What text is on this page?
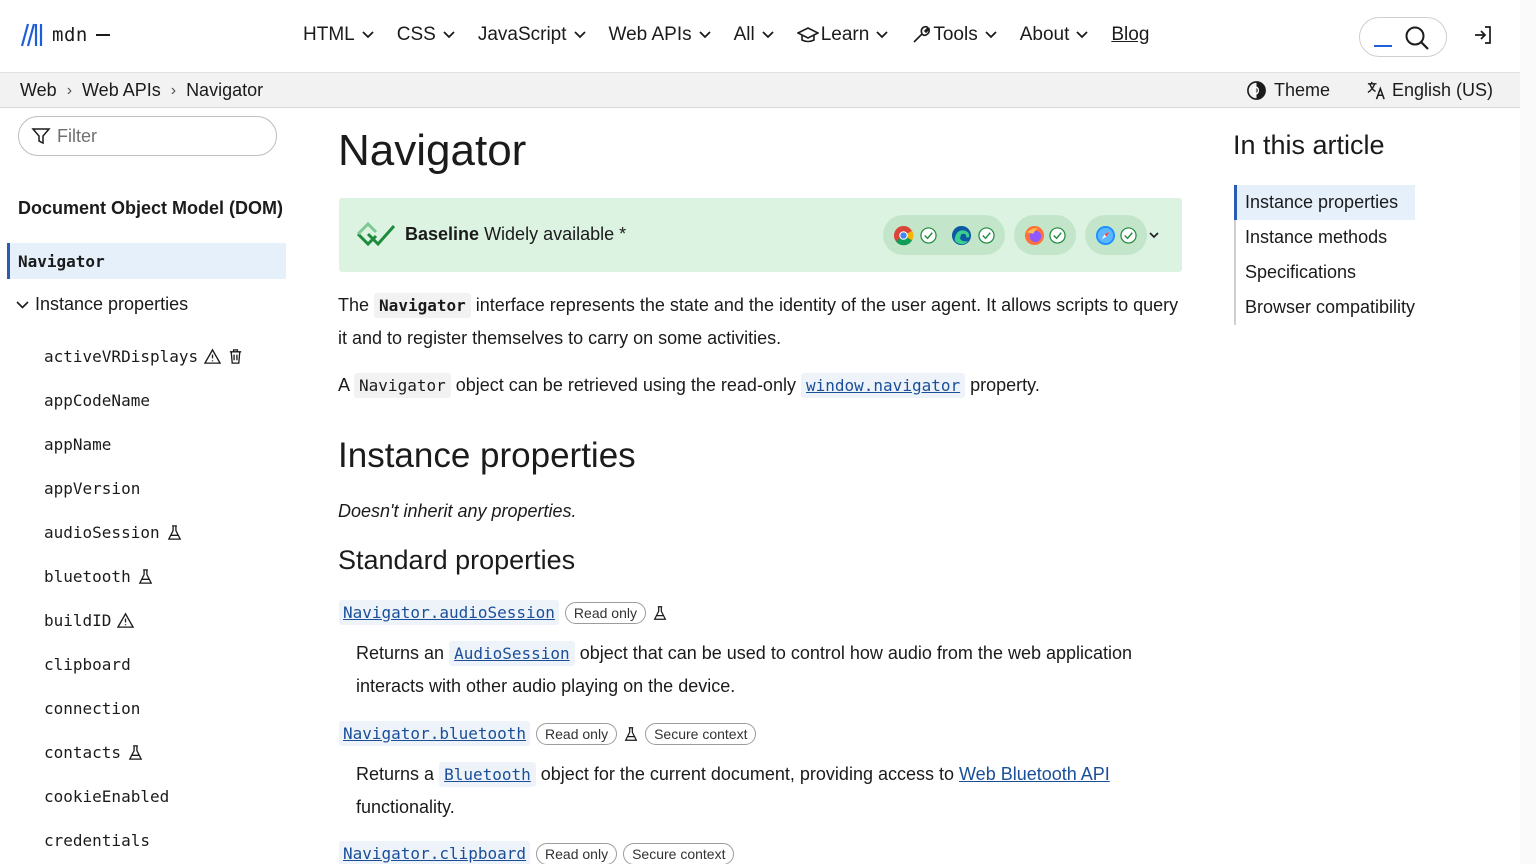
mdn	HTML CSS JavaScript Web APIs All	Learn	Tools About Blog
Web › Web APIs › Navigator	Theme	English (US)
Filter
Document Object Model (DOM)
Navigator
Instance properties
activeVRDisplays
appCodeName
appName
appVersion
audioSession
bluetooth
buildID
clipboard
connection
contacts
cookieEnabled
credentials
Navigator
Baseline Widely available *

The Navigator interface represents the state and the identity of the user agent. It allows scripts to query it and to register themselves to carry on some activities.

A Navigator object can be retrieved using the read-only window.navigator property.

Instance properties

Doesn't inherit any properties.

Standard properties
Navigator.audioSession	Read only

Returns an AudioSession object that can be used to control how audio from the web application interacts with other audio playing on the device.

Navigator.bluetooth	Read only	Secure context

Returns a Bluetooth object for the current document, providing access to Web Bluetooth API functionality.

Navigator.clipboard	Read only	Secure context
In this article
Instance properties
Instance methods
Specifications
Browser compatibility
